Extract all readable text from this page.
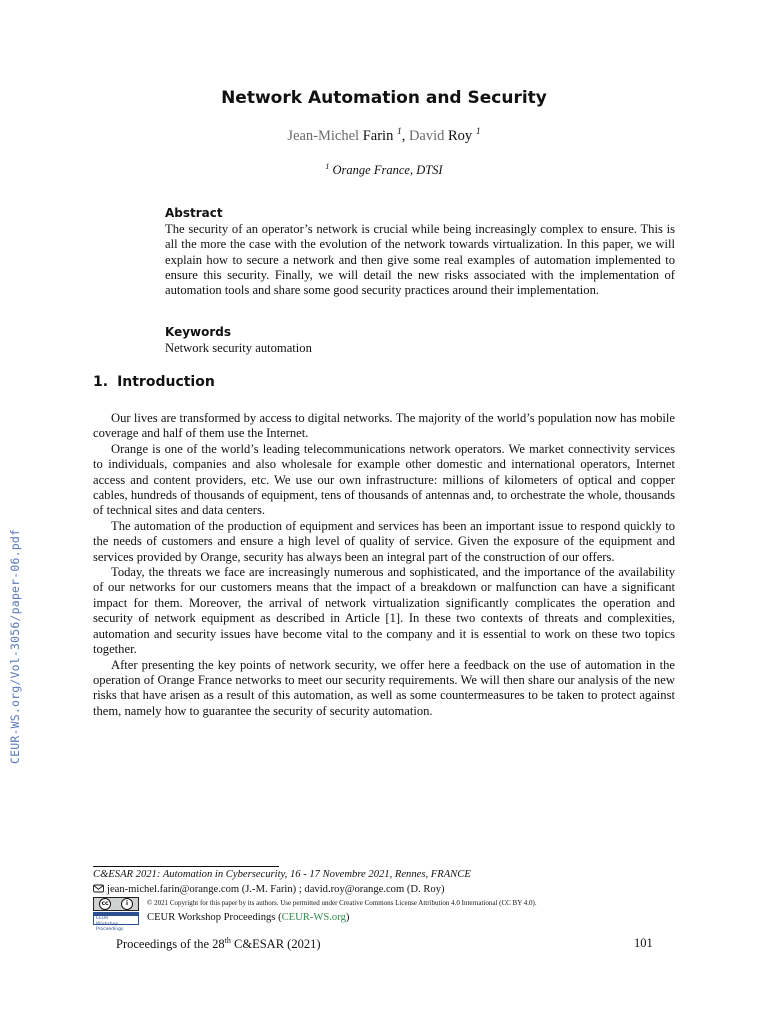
CEUR-WS.org/Vol-3056/paper-06.pdf
Network Automation and Security
Jean-Michel Farin $^1$, David Roy $^1$
$^1$ Orange France, DTSI
Abstract

The security of an operator’s network is crucial while being increasingly complex to ensure. This is all the more the case with the evolution of the network towards virtualization. In this paper, we will explain how to secure a network and then give some real examples of automation implemented to ensure this security. Finally, we will detail the new risks associated with the implementation of automation tools and share some good security practices around their implementation.

Keywords

Network security automation

1. Introduction

Our lives are transformed by access to digital networks. The majority of the world’s population now has mobile coverage and half of them use the Internet.

Orange is one of the world’s leading telecommunications network operators. We market connectivity services to individuals, companies and also wholesale for example other domestic and international operators, Internet access and content providers, etc. We use our own infrastructure: millions of kilometers of optical and copper cables, hundreds of thousands of equipment, tens of thousands of antennas and, to orchestrate the whole, thousands of technical sites and data centers.

The automation of the production of equipment and services has been an important issue to respond quickly to the needs of customers and ensure a high level of quality of service. Given the exposure of the equipment and services provided by Orange, security has always been an integral part of the construction of our offers.

Today, the threats we face are increasingly numerous and sophisticated, and the importance of the availability of our networks for our customers means that the impact of a breakdown or malfunction can have a significant impact for them. Moreover, the arrival of network virtualization significantly complicates the operation and security of network equipment as described in Article [1]. In these two contexts of threats and complexities, automation and security issues have become vital to the company and it is essential to work on these two topics together.

After presenting the key points of network security, we offer here a feedback on the use of automation in the operation of Orange France networks to meet our security requirements. We will then share our analysis of the new risks that have arisen as a result of this automation, as well as some countermeasures to be taken to protect against them, namely how to guarantee the security of security automation.

C&ESAR 2021: Automation in Cybersecurity, 16 - 17 Novembre 2021, Rennes, FRANCE
jean-michel.farin@orange.com (J.-M. Farin) ; david.roy@orange.com (D. Roy)
cc	i	© 2021 Copyright for this paper by its authors. Use permitted under Creative Commons License Attribution 4.0 International (CC BY 4.0).
CEUR
Workshop Proceedings
CEUR Workshop Proceedings (CEUR-WS.org)
Proceedings of the 28th C&ESAR (2021)	101
